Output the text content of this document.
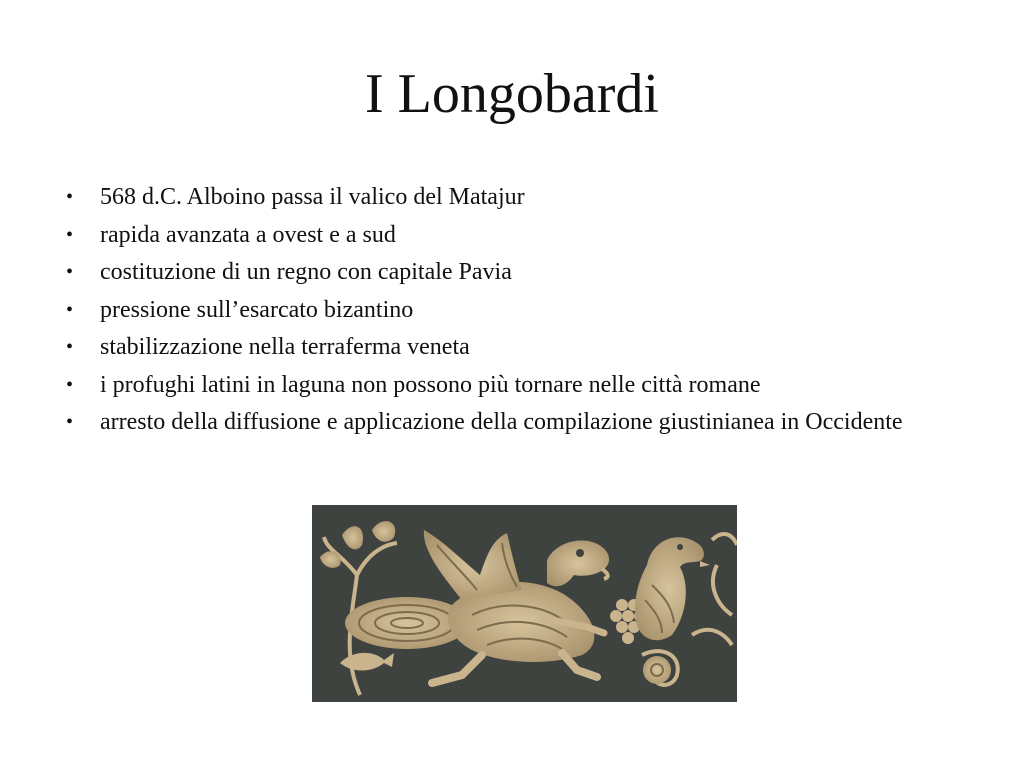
I Longobardi
• 568 d.C. Alboino passa il valico del Matajur
• rapida avanzata a ovest e a sud
• costituzione di un regno con capitale Pavia
• pressione sull’esarcato bizantino
• stabilizzazione nella terraferma veneta
• i profughi latini in laguna non possono più tornare nelle città romane
• arresto della diffusione e applicazione della compilazione giustinianea in Occidente
